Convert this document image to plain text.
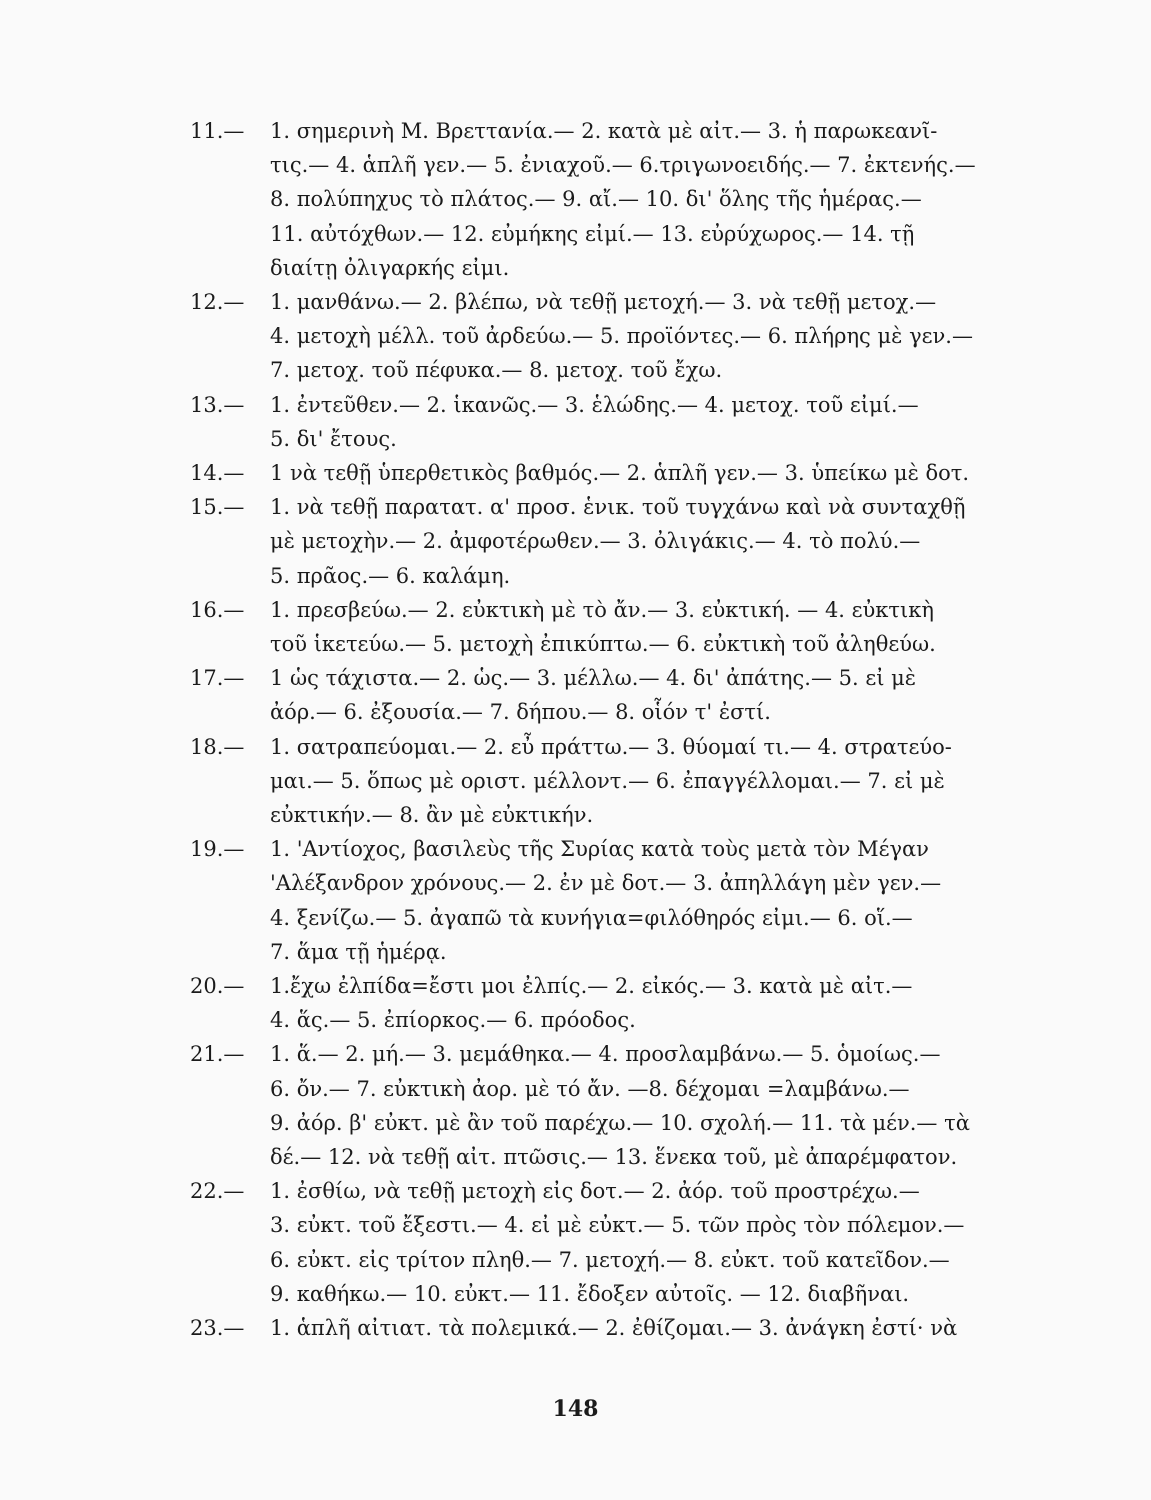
11.—	1. σημερινὴ Μ. Βρεττανία.— 2. κατὰ μὲ αἰτ.— 3. ἡ παρωκεανῖ-
τις.— 4. ἁπλῆ γεν.— 5. ἐνιαχοῦ.— 6.τριγωνοειδής.— 7. ἐκτενής.—
8. πολύπηχυς τὸ πλάτος.— 9. αἴ.— 10. δι' ὅλης τῆς ἡμέρας.—
11. αὐτόχθων.— 12. εὐμήκης εἰμί.— 13. εὐρύχωρος.— 14. τῇ
διαίτῃ ὀλιγαρκής εἰμι.
12.—	1. μανθάνω.— 2. βλέπω, νὰ τεθῇ μετοχή.— 3. νὰ τεθῇ μετοχ.—
4. μετοχὴ μέλλ. τοῦ ἀρδεύω.— 5. προϊόντες.— 6. πλήρης μὲ γεν.—
7. μετοχ. τοῦ πέφυκα.— 8. μετοχ. τοῦ ἔχω.
13.—	1. ἐντεῦθεν.— 2. ἱκανῶς.— 3. ἑλώδης.— 4. μετοχ. τοῦ εἰμί.—
5. δι' ἔτους.
14.—	1 νὰ τεθῇ ὑπερθετικὸς βαθμός.— 2. ἁπλῆ γεν.— 3. ὑπείκω μὲ δοτ.
15.—	1. νὰ τεθῇ παρατατ. α' προσ. ἑνικ. τοῦ τυγχάνω καὶ νὰ συνταχθῇ
μὲ μετοχὴν.— 2. ἀμφοτέρωθεν.— 3. ὀλιγάκις.— 4. τὸ πολύ.—
5. πρᾶος.— 6. καλάμη.
16.—	1. πρεσβεύω.— 2. εὐκτικὴ μὲ τὸ ἄν.— 3. εὐκτική. — 4. εὐκτικὴ
τοῦ ἱκετεύω.— 5. μετοχὴ ἐπικύπτω.— 6. εὐκτικὴ τοῦ ἀληθεύω.
17.—	1 ὡς τάχιστα.— 2. ὡς.— 3. μέλλω.— 4. δι' ἀπάτης.— 5. εἰ μὲ
ἀόρ.— 6. ἐξουσία.— 7. δήπου.— 8. οἷόν τ' ἐστί.
18.—	1. σατραπεύομαι.— 2. εὖ πράττω.— 3. θύομαί τι.— 4. στρατεύο-
μαι.— 5. ὅπως μὲ οριστ. μέλλοντ.— 6. ἐπαγγέλλομαι.— 7. εἰ μὲ
εὐκτικήν.— 8. ἂν μὲ εὐκτικήν.
19.—	1. 'Αντίοχος, βασιλεὺς τῆς Συρίας κατὰ τοὺς μετὰ τὸν Μέγαν
'Αλέξανδρον χρόνους.— 2. ἐν μὲ δοτ.— 3. ἀπηλλάγη μὲν γεν.—
4. ξενίζω.— 5. ἀγαπῶ τὰ κυνήγια=φιλόθηρός εἰμι.— 6. οἵ.—
7. ἅμα τῇ ἡμέρᾳ.
20.—	1.ἔχω ἐλπίδα=ἔστι μοι ἐλπίς.— 2. εἰκός.— 3. κατὰ μὲ αἰτ.—
4. ἅς.— 5. ἐπίορκος.— 6. πρόοδος.
21.—	1. ἅ.— 2. μή.— 3. μεμάθηκα.— 4. προσλαμβάνω.— 5. ὁμοίως.—
6. ὄν.— 7. εὐκτικὴ ἀορ. μὲ τό ἄν. —8. δέχομαι =λαμβάνω.—
9. ἀόρ. β' εὐκτ. μὲ ἂν τοῦ παρέχω.— 10. σχολή.— 11. τὰ μέν.— τὰ
δέ.— 12. νὰ τεθῇ αἰτ. πτῶσις.— 13. ἕνεκα τοῦ, μὲ ἀπαρέμφατον.
22.—	1. ἐσθίω, νὰ τεθῇ μετοχὴ εἰς δοτ.— 2. ἀόρ. τοῦ προστρέχω.—
3. εὐκτ. τοῦ ἔξεστι.— 4. εἰ μὲ εὐκτ.— 5. τῶν πρὸς τὸν πόλεμον.—
6. εὐκτ. εἰς τρίτον πληθ.— 7. μετοχή.— 8. εὐκτ. τοῦ κατεῖδον.—
9. καθήκω.— 10. εὐκτ.— 11. ἔδοξεν αὐτοῖς. — 12. διαβῆναι.
23.—	1. ἁπλῆ αἰτιατ. τὰ πολεμικά.— 2. ἐθίζομαι.— 3. ἀνάγκη ἐστί· νὰ
148
